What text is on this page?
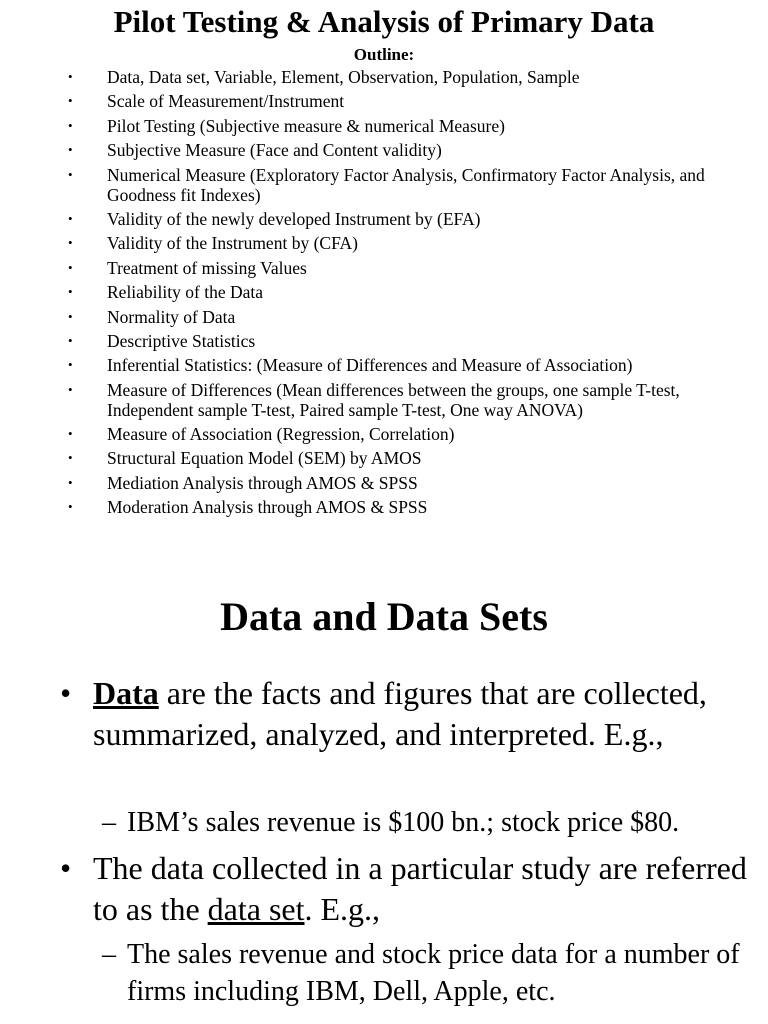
Pilot Testing & Analysis of Primary Data
Outline:
• Data, Data set, Variable, Element, Observation, Population, Sample
• Scale of Measurement/Instrument
• Pilot Testing (Subjective measure & numerical Measure)
• Subjective Measure (Face and Content validity)
• Numerical Measure (Exploratory Factor Analysis, Confirmatory Factor Analysis, and Goodness fit Indexes)
• Validity of the newly developed Instrument by (EFA)
• Validity of the Instrument by (CFA)
• Treatment of missing Values
• Reliability of the Data
• Normality of Data
• Descriptive Statistics
• Inferential Statistics: (Measure of Differences and Measure of Association)
• Measure of Differences (Mean differences between the groups, one sample T-test, Independent sample T-test, Paired sample T-test, One way ANOVA)
• Measure of Association (Regression, Correlation)
• Structural Equation Model (SEM) by AMOS
• Mediation Analysis through AMOS & SPSS
• Moderation Analysis through AMOS & SPSS
Data and Data Sets
• Data are the facts and figures that are collected, summarized, analyzed, and interpreted. E.g.,

– IBM’s sales revenue is $100 bn.; stock price $80.

• The data collected in a particular study are referred to as the data set. E.g.,

– The sales revenue and stock price data for a number of firms including IBM, Dell, Apple, etc.
